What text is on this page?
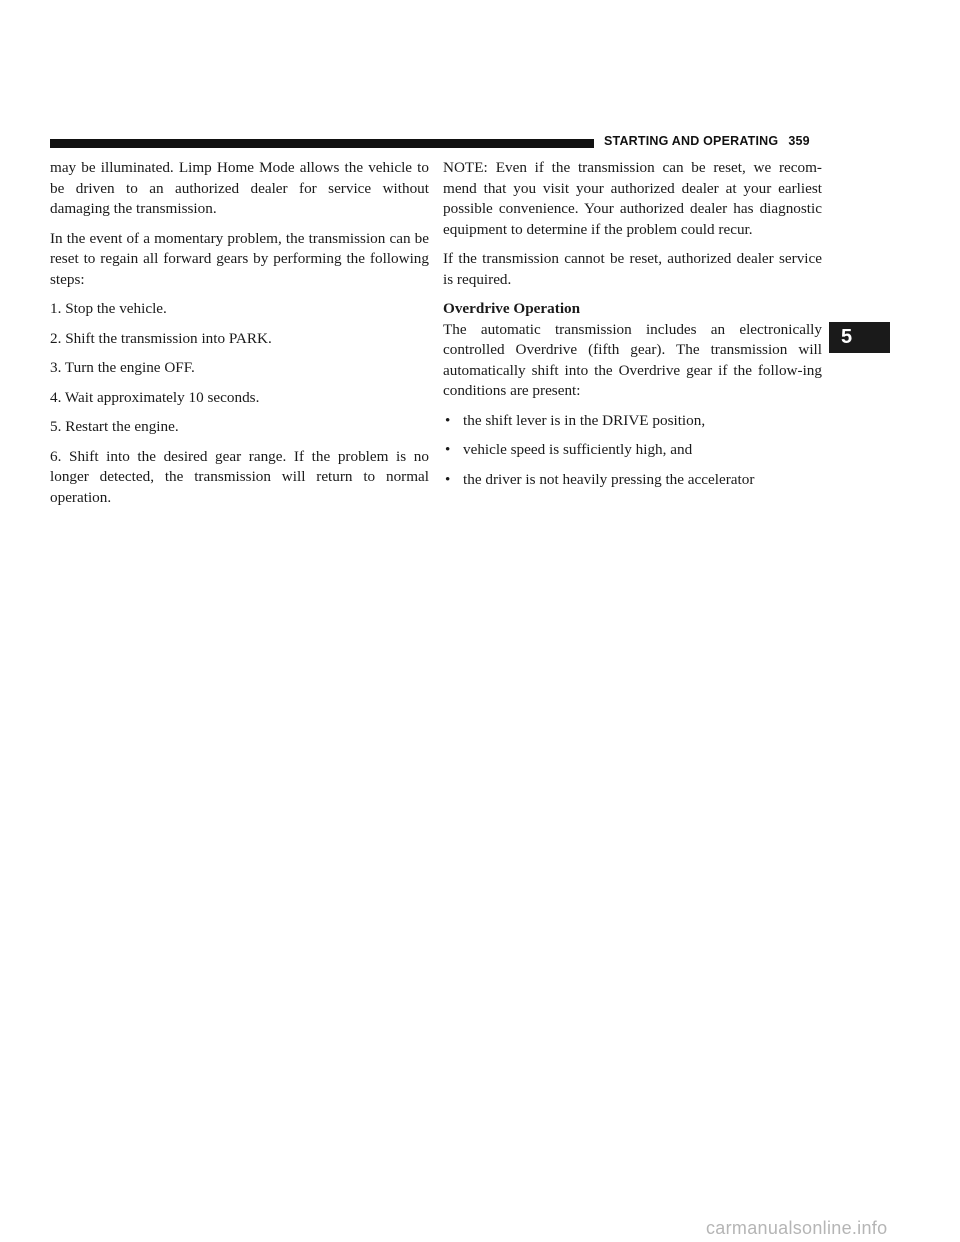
STARTING AND OPERATING 359
5

may be illuminated. Limp Home Mode allows the vehicle to be driven to an authorized dealer for service without damaging the transmission.

In the event of a momentary problem, the transmission can be reset to regain all forward gears by performing the following steps:

1. Stop the vehicle.

2. Shift the transmission into PARK.

3. Turn the engine OFF.

4. Wait approximately 10 seconds.

5. Restart the engine.

6. Shift into the desired gear range. If the problem is no longer detected, the transmission will return to normal operation.

NOTE: Even if the transmission can be reset, we recom-mend that you visit your authorized dealer at your earliest possible convenience. Your authorized dealer has diagnostic equipment to determine if the problem could recur.

If the transmission cannot be reset, authorized dealer service is required.

Overdrive Operation

The automatic transmission includes an electronically controlled Overdrive (fifth gear). The transmission will automatically shift into the Overdrive gear if the follow-ing conditions are present:

• the shift lever is in the DRIVE position,
• vehicle speed is sufficiently high, and
• the driver is not heavily pressing the accelerator
carmanualsonline.info
